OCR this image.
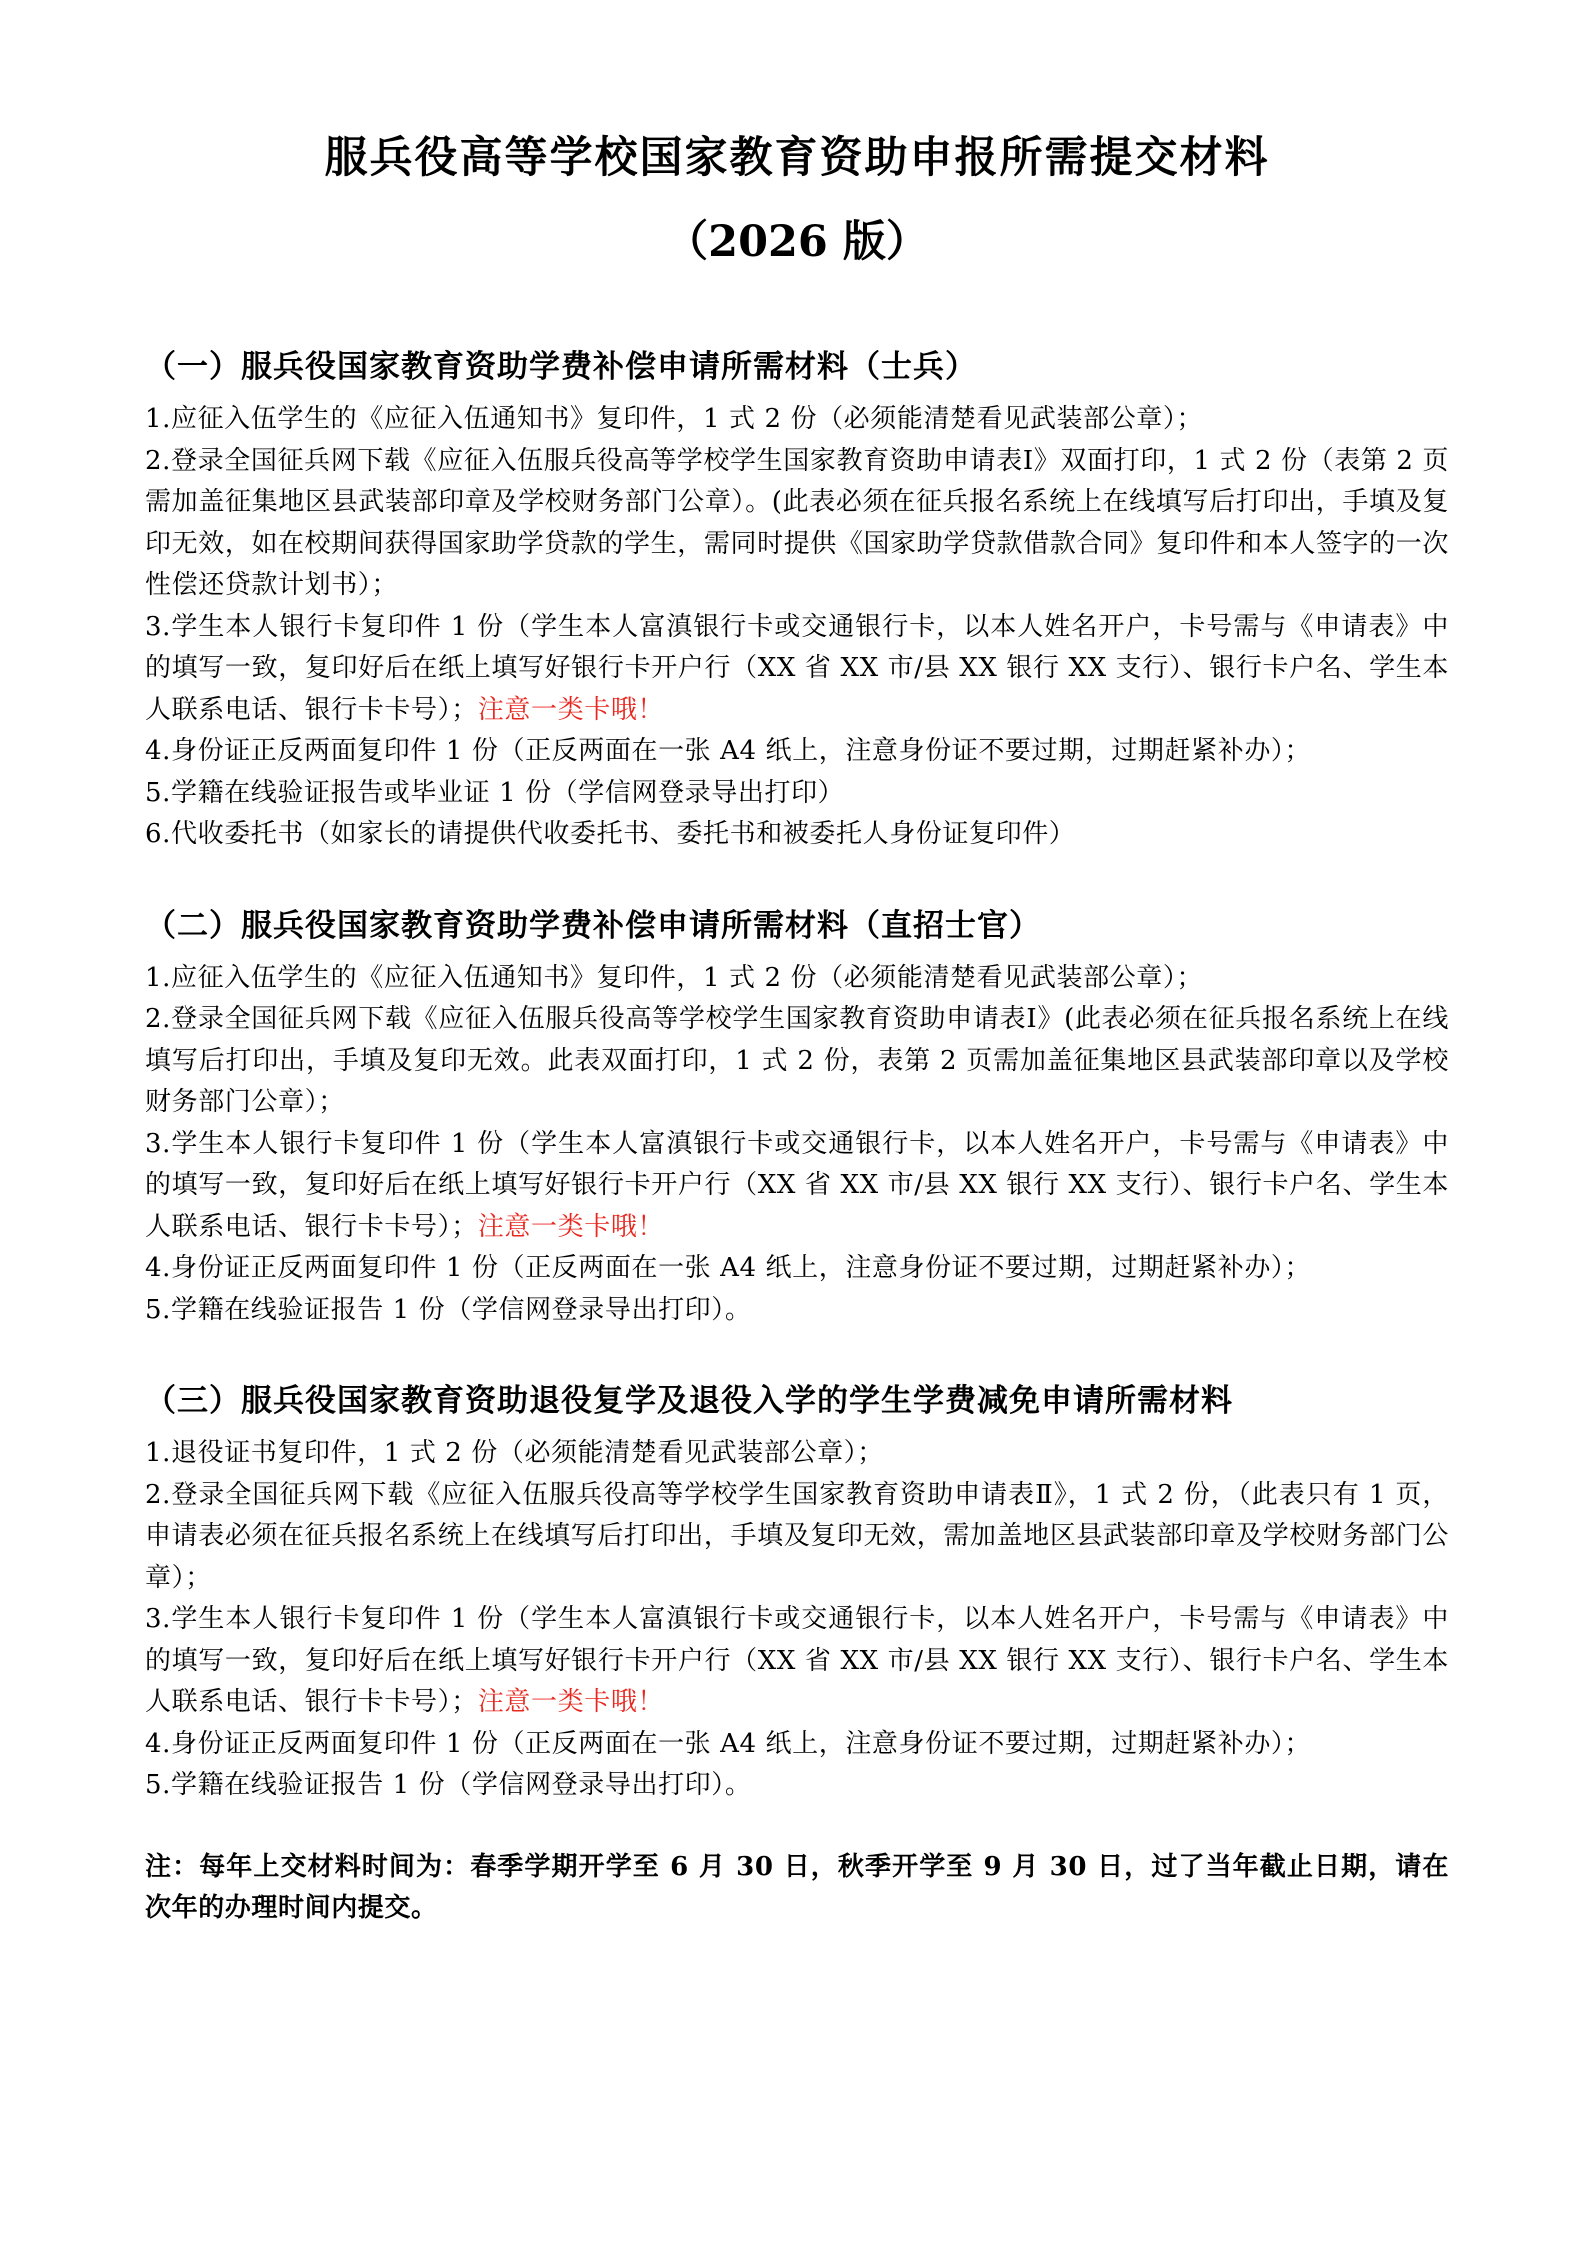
服兵役高等学校国家教育资助申报所需提交材料
（2026 版）
（一）服兵役国家教育资助学费补偿申请所需材料（士兵）

1.应征入伍学生的《应征入伍通知书》复印件，1 式 2 份（必须能清楚看见武装部公章）；

2.登录全国征兵网下载《应征入伍服兵役高等学校学生国家教育资助申请表Ⅰ》双面打印，1 式 2 份（表第 2 页需加盖征集地区县武装部印章及学校财务部门公章）。(此表必须在征兵报名系统上在线填写后打印出，手填及复印无效，如在校期间获得国家助学贷款的学生，需同时提供《国家助学贷款借款合同》复印件和本人签字的一次性偿还贷款计划书）；

3.学生本人银行卡复印件 1 份（学生本人富滇银行卡或交通银行卡，以本人姓名开户，卡号需与《申请表》中的填写一致，复印好后在纸上填写好银行卡开户行（XX 省 XX 市/县 XX 银行 XX 支行）、银行卡户名、学生本人联系电话、银行卡卡号）；注意一类卡哦！

4.身份证正反两面复印件 1 份（正反两面在一张 A4 纸上，注意身份证不要过期，过期赶紧补办）；

5.学籍在线验证报告或毕业证 1 份（学信网登录导出打印）

6.代收委托书（如家长的请提供代收委托书、委托书和被委托人身份证复印件）

（二）服兵役国家教育资助学费补偿申请所需材料（直招士官）

1.应征入伍学生的《应征入伍通知书》复印件，1 式 2 份（必须能清楚看见武装部公章）；

2.登录全国征兵网下载《应征入伍服兵役高等学校学生国家教育资助申请表Ⅰ》(此表必须在征兵报名系统上在线填写后打印出，手填及复印无效。此表双面打印，1 式 2 份，表第 2 页需加盖征集地区县武装部印章以及学校财务部门公章）；

3.学生本人银行卡复印件 1 份（学生本人富滇银行卡或交通银行卡，以本人姓名开户，卡号需与《申请表》中的填写一致，复印好后在纸上填写好银行卡开户行（XX 省 XX 市/县 XX 银行 XX 支行）、银行卡户名、学生本人联系电话、银行卡卡号）；注意一类卡哦！

4.身份证正反两面复印件 1 份（正反两面在一张 A4 纸上，注意身份证不要过期，过期赶紧补办）；

5.学籍在线验证报告 1 份（学信网登录导出打印）。

（三）服兵役国家教育资助退役复学及退役入学的学生学费减免申请所需材料

1.退役证书复印件，1 式 2 份（必须能清楚看见武装部公章）；

2.登录全国征兵网下载《应征入伍服兵役高等学校学生国家教育资助申请表Ⅱ》，1 式 2 份，（此表只有 1 页，申请表必须在征兵报名系统上在线填写后打印出，手填及复印无效，需加盖地区县武装部印章及学校财务部门公章）；

3.学生本人银行卡复印件 1 份（学生本人富滇银行卡或交通银行卡，以本人姓名开户，卡号需与《申请表》中的填写一致，复印好后在纸上填写好银行卡开户行（XX 省 XX 市/县 XX 银行 XX 支行）、银行卡户名、学生本人联系电话、银行卡卡号）；注意一类卡哦！

4.身份证正反两面复印件 1 份（正反两面在一张 A4 纸上，注意身份证不要过期，过期赶紧补办）；

5.学籍在线验证报告 1 份（学信网登录导出打印）。

注：每年上交材料时间为：春季学期开学至 6 月 30 日，秋季开学至 9 月 30 日，过了当年截止日期，请在次年的办理时间内提交。
